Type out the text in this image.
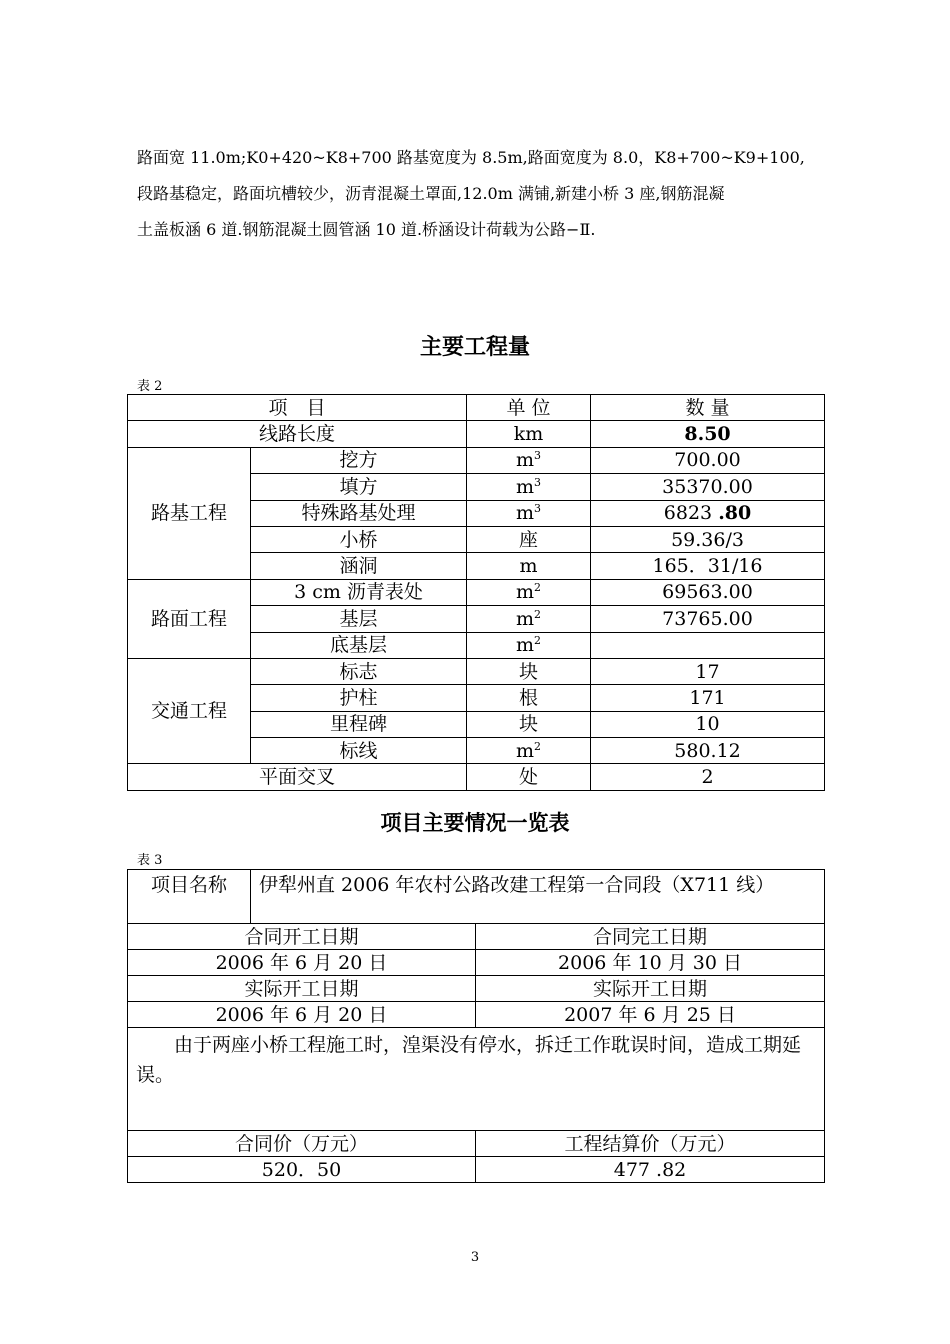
路面宽 11.0m;K0+420~K8+700 路基宽度为 8.5m,路面宽度为 8.0，K8+700~K9+100,

段路基稳定，路面坑槽较少，沥青混凝土罩面,12.0m 满铺,新建小桥 3 座,钢筋混凝

土盖板涵 6 道.钢筋混凝土圆管涵 10 道.桥涵设计荷载为公路−Ⅱ.

主要工程量
表 2
项　目		单 位	数 量
线路长度		km	8.50
路基工程	挖方	$m^3$	700.00
	填方	$m^3$	35370.00
	特殊路基处理	$m^3$	6823 .80
	小桥	座	59.36/3
	涵洞	m	165．31/16
路面工程	3 cm 沥青表处	$m^2$	69563.00
	基层	$m^2$	73765.00
	底基层	$m^2$	
交通工程	标志	块	17
	护柱	根	171
	里程碑	块	10
	标线	$m^2$	580.12
平面交叉		处	2
项目主要情况一览表
表 3
项目名称	伊犁州直 2006 年农村公路改建工程第一合同段（X711 线）	
合同开工日期		合同完工日期
2006 年 6 月 20 日		2006 年 10 月 30 日
实际开工日期		实际开工日期
2006 年 6 月 20 日		2007 年 6 月 25 日
由于两座小桥工程施工时，湟渠没有停水，拆迁工作耽误时间，造成工期延误。		
合同价（万元）		工程结算价（万元）
520．50		477 .82
3
